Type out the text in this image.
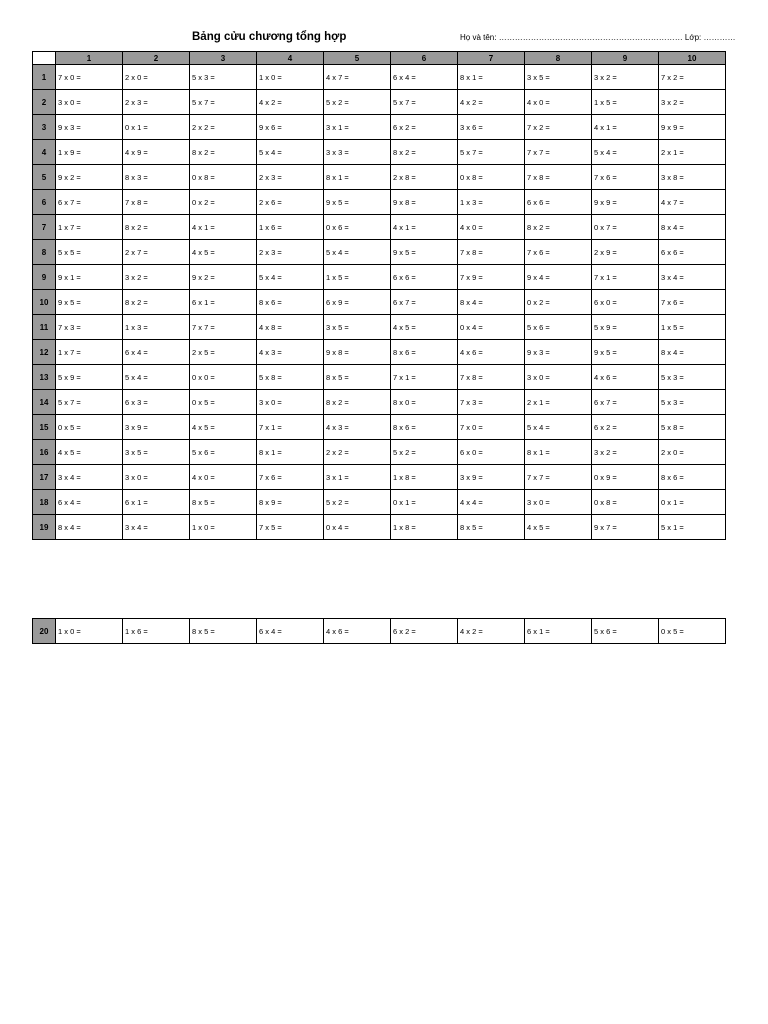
Bảng cửu chương tổng hợp	Họ và tên: …………………………………………………………… Lớp: …………
	1	2	3	4	5	6	7	8	9	10
1	7 x 0 =	2 x 0 =	5 x 3 =	1 x 0 =	4 x 7 =	6 x 4 =	8 x 1 =	3 x 5 =	3 x 2 =	7 x 2 =
2	3 x 0 =	2 x 3 =	5 x 7 =	4 x 2 =	5 x 2 =	5 x 7 =	4 x 2 =	4 x 0 =	1 x 5 =	3 x 2 =
3	9 x 3 =	0 x 1 =	2 x 2 =	9 x 6 =	3 x 1 =	6 x 2 =	3 x 6 =	7 x 2 =	4 x 1 =	9 x 9 =
4	1 x 9 =	4 x 9 =	8 x 2 =	5 x 4 =	3 x 3 =	8 x 2 =	5 x 7 =	7 x 7 =	5 x 4 =	2 x 1 =
5	9 x 2 =	8 x 3 =	0 x 8 =	2 x 3 =	8 x 1 =	2 x 8 =	0 x 8 =	7 x 8 =	7 x 6 =	3 x 8 =
6	6 x 7 =	7 x 8 =	0 x 2 =	2 x 6 =	9 x 5 =	9 x 8 =	1 x 3 =	6 x 6 =	9 x 9 =	4 x 7 =
7	1 x 7 =	8 x 2 =	4 x 1 =	1 x 6 =	0 x 6 =	4 x 1 =	4 x 0 =	8 x 2 =	0 x 7 =	8 x 4 =
8	5 x 5 =	2 x 7 =	4 x 5 =	2 x 3 =	5 x 4 =	9 x 5 =	7 x 8 =	7 x 6 =	2 x 9 =	6 x 6 =
9	9 x 1 =	3 x 2 =	9 x 2 =	5 x 4 =	1 x 5 =	6 x 6 =	7 x 9 =	9 x 4 =	7 x 1 =	3 x 4 =
10	9 x 5 =	8 x 2 =	6 x 1 =	8 x 6 =	6 x 9 =	6 x 7 =	8 x 4 =	0 x 2 =	6 x 0 =	7 x 6 =
11	7 x 3 =	1 x 3 =	7 x 7 =	4 x 8 =	3 x 5 =	4 x 5 =	0 x 4 =	5 x 6 =	5 x 9 =	1 x 5 =
12	1 x 7 =	6 x 4 =	2 x 5 =	4 x 3 =	9 x 8 =	8 x 6 =	4 x 6 =	9 x 3 =	9 x 5 =	8 x 4 =
13	5 x 9 =	5 x 4 =	0 x 0 =	5 x 8 =	8 x 5 =	7 x 1 =	7 x 8 =	3 x 0 =	4 x 6 =	5 x 3 =
14	5 x 7 =	6 x 3 =	0 x 5 =	3 x 0 =	8 x 2 =	8 x 0 =	7 x 3 =	2 x 1 =	6 x 7 =	5 x 3 =
15	0 x 5 =	3 x 9 =	4 x 5 =	7 x 1 =	4 x 3 =	8 x 6 =	7 x 0 =	5 x 4 =	6 x 2 =	5 x 8 =
16	4 x 5 =	3 x 5 =	5 x 6 =	8 x 1 =	2 x 2 =	5 x 2 =	6 x 0 =	8 x 1 =	3 x 2 =	2 x 0 =
17	3 x 4 =	3 x 0 =	4 x 0 =	7 x 6 =	3 x 1 =	1 x 8 =	3 x 9 =	7 x 7 =	0 x 9 =	8 x 6 =
18	6 x 4 =	6 x 1 =	8 x 5 =	8 x 9 =	5 x 2 =	0 x 1 =	4 x 4 =	3 x 0 =	0 x 8 =	0 x 1 =
19	8 x 4 =	3 x 4 =	1 x 0 =	7 x 5 =	0 x 4 =	1 x 8 =	8 x 5 =	4 x 5 =	9 x 7 =	5 x 1 =
20	1 x 0 =	1 x 6 =	8 x 5 =	6 x 4 =	4 x 6 =	6 x 2 =	4 x 2 =	6 x 1 =	5 x 6 =	0 x 5 =
